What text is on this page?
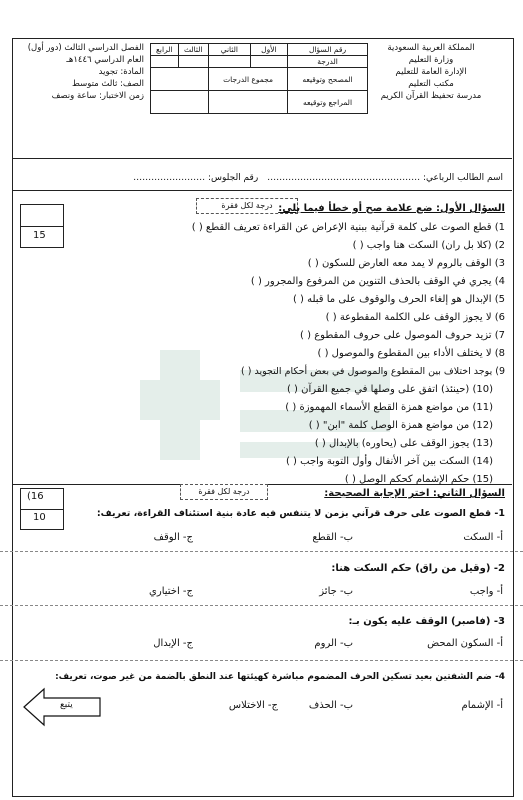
المملكة العربية السعودية
وزارة التعليم
الإدارة العامة للتعليم
مكتب التعليم
مدرسة تحفيظ القرآن الكريم
الفصل الدراسي الثالث (دور أول)
العام الدراسي ١٤٤٦هـ
المادة: تجويد
الصف: ثالث متوسط
زمن الاختبار: ساعة ونصف
رقم السؤال	الأول	الثاني	الثالث	الرابع
الدرجة				
المصحح وتوقيعه	مجموع الدرجات			
المراجع وتوقيعه				
اسم الطالب الرباعي: …………………………………………… رقم الجلوس: ……………………
درجة لكل فقرة السؤال الأول: ضع علامة صح أو خطأ فيما يلي:
15
1) قطع الصوت على كلمة قرآنية ببنية الإعراض عن القراءة تعريف القطع ( )
2) (كلا بل ران) السكت هنا واجب ( )
3) الوقف بالروم لا يمد معه العارض للسكون ( )
4) يجري في الوقف بالحذف التنوين من المرفوع والمجرور ( )
5) الإبدال هو إلغاء الحرف والوقوف على ما قبله ( )
6) لا يجوز الوقف على الكلمة المقطوعة ( )
7) تزيد حروف الموصول على حروف المقطوع ( )
8) لا يختلف الأداء بين المقطوع والموصول ( )
9) يوجد اختلاف بين المقطوع والموصول في بعض أحكام التجويد ( )
(10) (حينئذ) اتفق على وصلها في جميع القرآن ( )
(11) من مواضع همزة القطع الأسماء المهموزة ( )
(12) من مواضع همزة الوصل كلمة "ابن" ( )
(13) يجوز الوقف على (يحاوره) بالإبدال ( )
(14) السكت بين آخر الأنفال وأول التوبة واجب ( )
(15) حكم الإشمام كحكم الوصل ( )
درجة لكل فقرة	السؤال الثاني: اختر الإجابة الصحيحة:
(16
10	1- قطع الصوت على حرف قرآني بزمن لا يتنفس فيه عادة بنية استئناف القراءة، تعريف:
أ- السكت
ب- القطع
ج- الوقف
2- (وقيل من راق) حكم السكت هنا:
أ- واجب
ب- جائز
ج- اختياري
3- (فاصبر) الوقف عليه يكون بـ:
أ- السكون المحض
ب- الروم
ج- الإبدال
4- ضم الشفتين بعيد تسكين الحرف المضموم مباشرة كهيئتها عند النطق بالضمة من غير صوت، تعريف:
أ- الإشمام
ب- الحذف
ج- الاختلاس
يتبع
